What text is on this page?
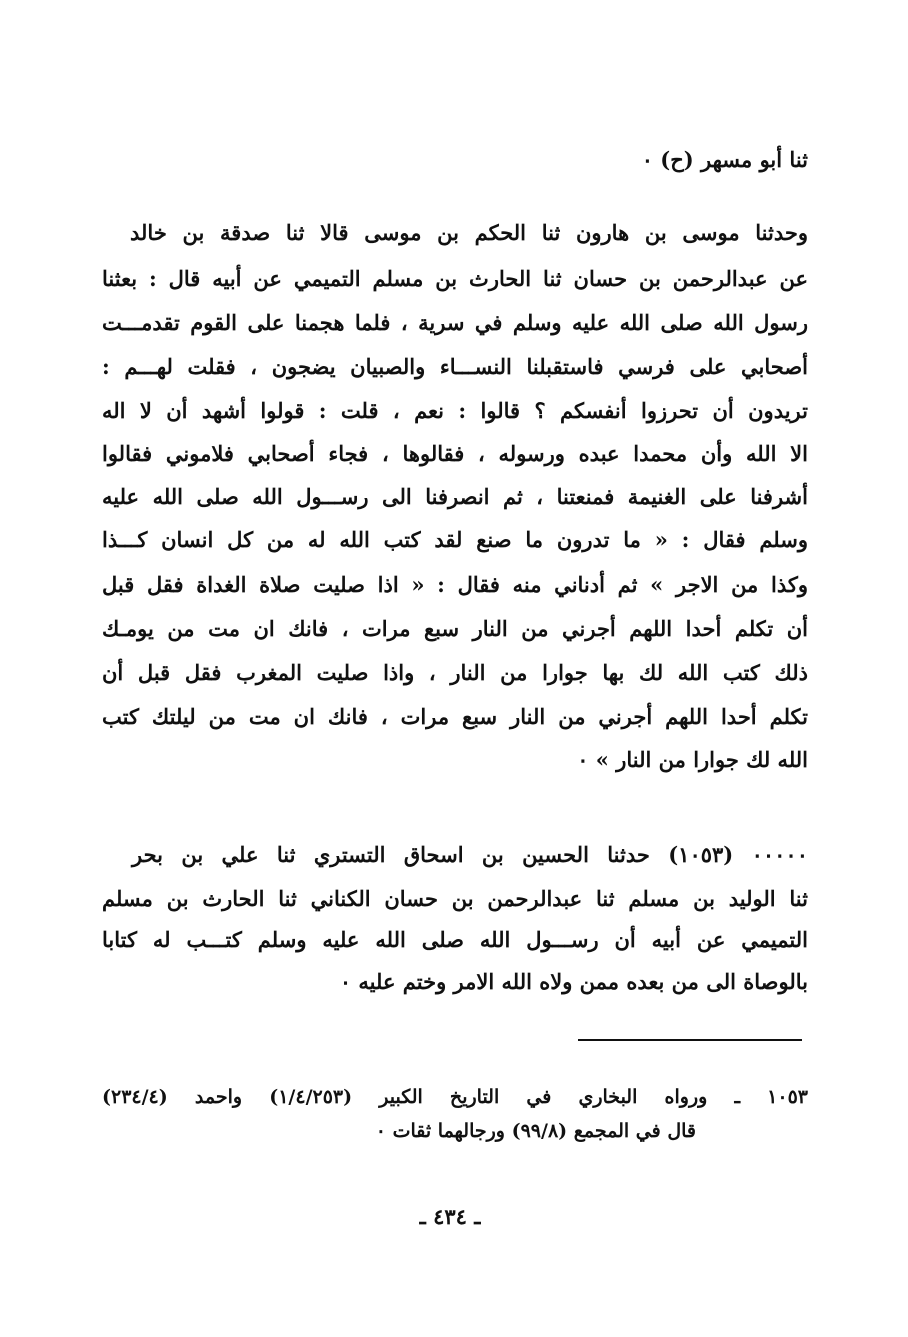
ثنا أبو مسهر (ح) ٠
وحدثنا موسى بن هارون ثنا الحكم بن موسى قالا ثنا صدقة بن خالد
عن عبدالرحمن بن حسان ثنا الحارث بن مسلم التميمي عن أبيه قال : بعثنا
رسول الله صلى الله عليه وسلم في سرية ، فلما هجمنا على القوم تقدمـــت
أصحابي على فرسي فاستقبلنا النســـاء والصبيان يضجون ، فقلت لهـــم :
تريدون أن تحرزوا أنفسكم ؟ قالوا : نعم ، قلت : قولوا أشهد أن لا اله
الا الله وأن محمدا عبده ورسوله ، فقالوها ، فجاء أصحابي فلاموني فقالوا
أشرفنا على الغنيمة فمنعتنا ، ثم انصرفنا الى رســـول الله صلى الله عليه
وسلم فقال : « ما تدرون ما صنع لقد كتب الله له من كل انسان كـــذا
وكذا من الاجر » ثم أدناني منه فقال : « اذا صليت صلاة الغداة فقل قبل
أن تكلم أحدا اللهم أجرني من النار سبع مرات ، فانك ان مت من يومـك
ذلك كتب الله لك بها جوارا من النار ، واذا صليت المغرب فقل قبل أن
تكلم أحدا اللهم أجرني من النار سبع مرات ، فانك ان مت من ليلتك كتب
الله لك جوارا من النار » ٠
٠٠٠٠٠ (١٠٥٣) حدثنا الحسين بن اسحاق التستري ثنا علي بن بحر
ثنا الوليد بن مسلم ثنا عبدالرحمن بن حسان الكناني ثنا الحارث بن مسلم
التميمي عن أبيه أن رســـول الله صلى الله عليه وسلم كتـــب له كتابا
بالوصاة الى من بعده ممن ولاه الله الامر وختم عليه ٠
١٠٥٣ ـ ورواه البخاري في التاريخ الكبير (١/٤/٢٥٣) واحمد (٢٣٤/٤)
قال في المجمع (٩٩/٨) ورجالهما ثقات ٠
ـ ٤٣٤ ـ
